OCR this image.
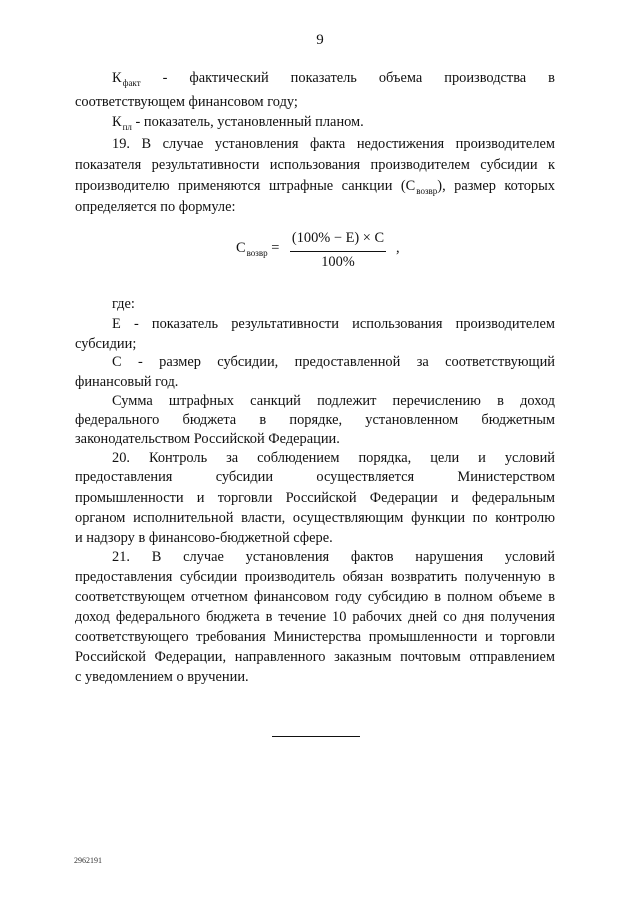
9
$К_{факт}$ - фактический показатель объема производства в
соответствующем финансовом году;
$К_{пл}$ - показатель, установленный планом.
19. В случае установления факта недостижения производителем
показателя результативности использования производителем субсидии к
производителю применяются штрафные санкции $(С_{возвр})$, размер которых
определяется по формуле:
$С_{возвр}$ =
(100% − Е) × С
100%
,
где:
Е - показатель результативности использования производителем
субсидии;
С - размер субсидии, предоставленной за соответствующий
финансовый год.
Сумма штрафных санкций подлежит перечислению в доход
федерального бюджета в порядке, установленном бюджетным
законодательством Российской Федерации.
20. Контроль за соблюдением порядка, цели и условий
предоставления субсидии осуществляется Министерством
промышленности и торговли Российской Федерации и федеральным
органом исполнительной власти, осуществляющим функции по контролю
и надзору в финансово-бюджетной сфере.
21. В случае установления фактов нарушения условий
предоставления субсидии производитель обязан возвратить полученную в
соответствующем отчетном финансовом году субсидию в полном объеме в
доход федерального бюджета в течение 10 рабочих дней со дня получения
соответствующего требования Министерства промышленности и торговли
Российской Федерации, направленного заказным почтовым отправлением
с уведомлением о вручении.
2962191
